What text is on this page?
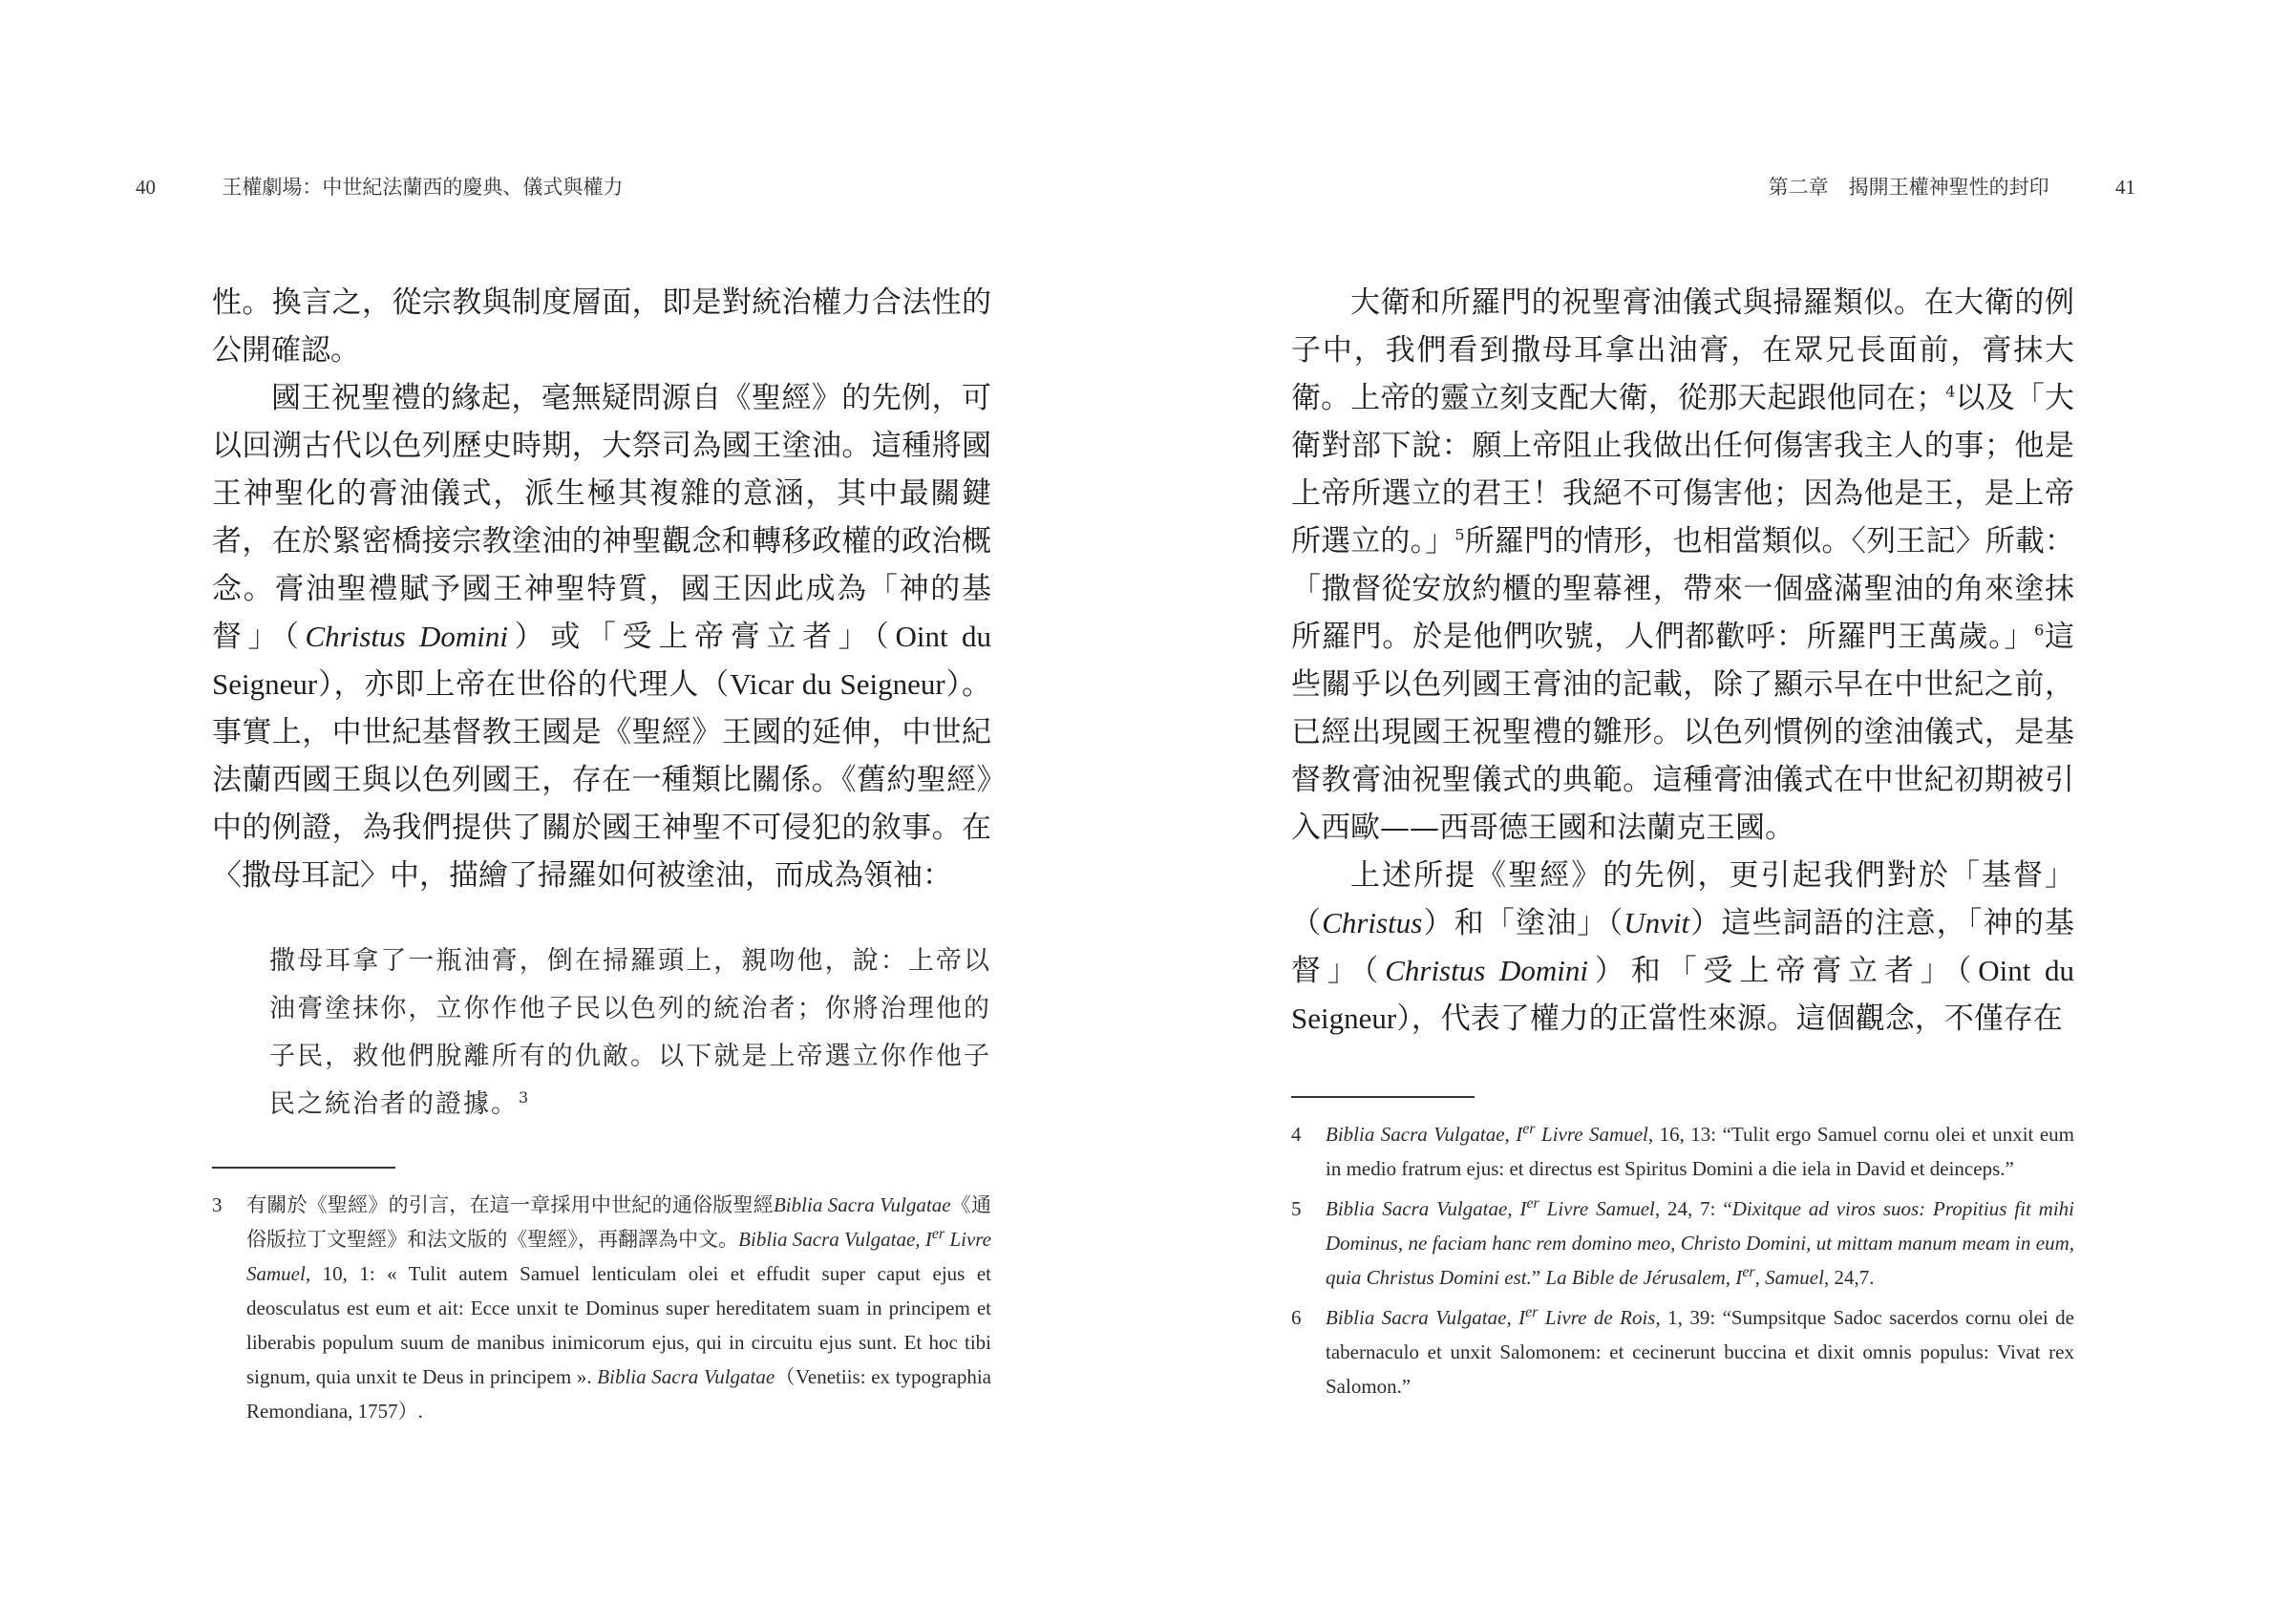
40	王權劇場：中世紀法蘭西的慶典、儀式與權力

性。換言之，從宗教與制度層面，即是對統治權力合法性的公開確認。

國王祝聖禮的緣起，毫無疑問源自《聖經》的先例，可以回溯古代以色列歷史時期，大祭司為國王塗油。這種將國王神聖化的膏油儀式，派生極其複雜的意涵，其中最關鍵者，在於緊密橋接宗教塗油的神聖觀念和轉移政權的政治概念。膏油聖禮賦予國王神聖特質，國王因此成為「神的基督」（Christus Domini）或「受上帝膏立者」（Oint du Seigneur），亦即上帝在世俗的代理人（Vicar du Seigneur）。事實上，中世紀基督教王國是《聖經》王國的延伸，中世紀法蘭西國王與以色列國王，存在一種類比關係。《舊約聖經》中的例證，為我們提供了關於國王神聖不可侵犯的敘事。在〈撒母耳記〉中，描繪了掃羅如何被塗油，而成為領袖：

撒母耳拿了一瓶油膏，倒在掃羅頭上，親吻他，說：上帝以油膏塗抹你，立你作他子民以色列的統治者；你將治理他的子民，救他們脫離所有的仇敵。以下就是上帝選立你作他子民之統治者的證據。$^3$
3 有關於《聖經》的引言，在這一章採用中世紀的通俗版聖經Biblia Sacra Vulgatae《通俗版拉丁文聖經》和法文版的《聖經》，再翻譯為中文。Biblia Sacra Vulgatae, Ier Livre Samuel, 10, 1: « Tulit autem Samuel lenticulam olei et effudit super caput ejus et deosculatus est eum et ait: Ecce unxit te Dominus super hereditatem suam in principem et liberabis populum suum de manibus inimicorum ejus, qui in circuitu ejus sunt. Et hoc tibi signum, quia unxit te Deus in principem ». Biblia Sacra Vulgatae（Venetiis: ex typographia Remondiana, 1757）.
第二章　揭開王權神聖性的封印	41

大衛和所羅門的祝聖膏油儀式與掃羅類似。在大衛的例子中，我們看到撒母耳拿出油膏，在眾兄長面前，膏抹大衛。上帝的靈立刻支配大衛，從那天起跟他同在；$^4$以及「大衛對部下說：願上帝阻止我做出任何傷害我主人的事；他是上帝所選立的君王！我絕不可傷害他；因為他是王，是上帝所選立的。」$^5$所羅門的情形，也相當類似。〈列王記〉所載：「撒督從安放約櫃的聖幕裡，帶來一個盛滿聖油的角來塗抹所羅門。於是他們吹號，人們都歡呼：所羅門王萬歲。」$^6$這些關乎以色列國王膏油的記載，除了顯示早在中世紀之前，已經出現國王祝聖禮的雛形。以色列慣例的塗油儀式，是基督教膏油祝聖儀式的典範。這種膏油儀式在中世紀初期被引入西歐——西哥德王國和法蘭克王國。

上述所提《聖經》的先例，更引起我們對於「基督」（Christus）和「塗油」（Unvit）這些詞語的注意，「神的基督」（Christus Domini）和「受上帝膏立者」（Oint du Seigneur），代表了權力的正當性來源。這個觀念，不僅存在

4 Biblia Sacra Vulgatae, Ier Livre Samuel, 16, 13: “Tulit ergo Samuel cornu olei et unxit eum in medio fratrum ejus: et directus est Spiritus Domini a die iela in David et deinceps.”
5 Biblia Sacra Vulgatae, Ier Livre Samuel, 24, 7: “Dixitque ad viros suos: Propitius fit mihi Dominus, ne faciam hanc rem domino meo, Christo Domini, ut mittam manum meam in eum, quia Christus Domini est.” La Bible de Jérusalem, Ier, Samuel, 24,7.
6 Biblia Sacra Vulgatae, Ier Livre de Rois, 1, 39: “Sumpsitque Sadoc sacerdos cornu olei de tabernaculo et unxit Salomonem: et cecinerunt buccina et dixit omnis populus: Vivat rex Salomon.”
